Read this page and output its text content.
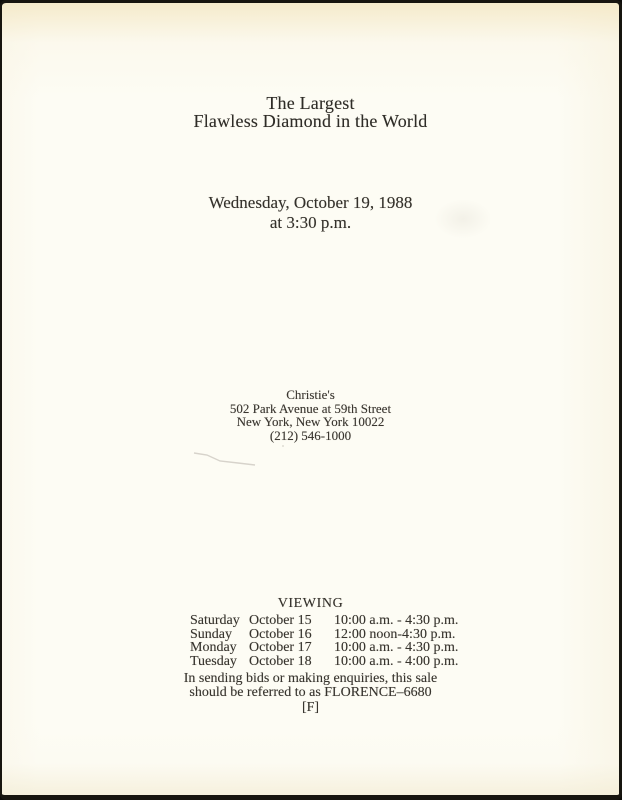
The Largest
Flawless Diamond in the World
Wednesday, October 19, 1988
at 3:30 p.m.
Christie's
502 Park Avenue at 59th Street
New York, New York 10022
(212) 546-1000
VIEWING
Saturday October 15	10:00 a.m. - 4:30 p.m.
Sunday	October 16	12:00 noon-4:30 p.m.
Monday October 17	10:00 a.m. - 4:30 p.m.
Tuesday October 18	10:00 a.m. - 4:00 p.m.
In sending bids or making enquiries, this sale
should be referred to as FLORENCE–6680
[F]
